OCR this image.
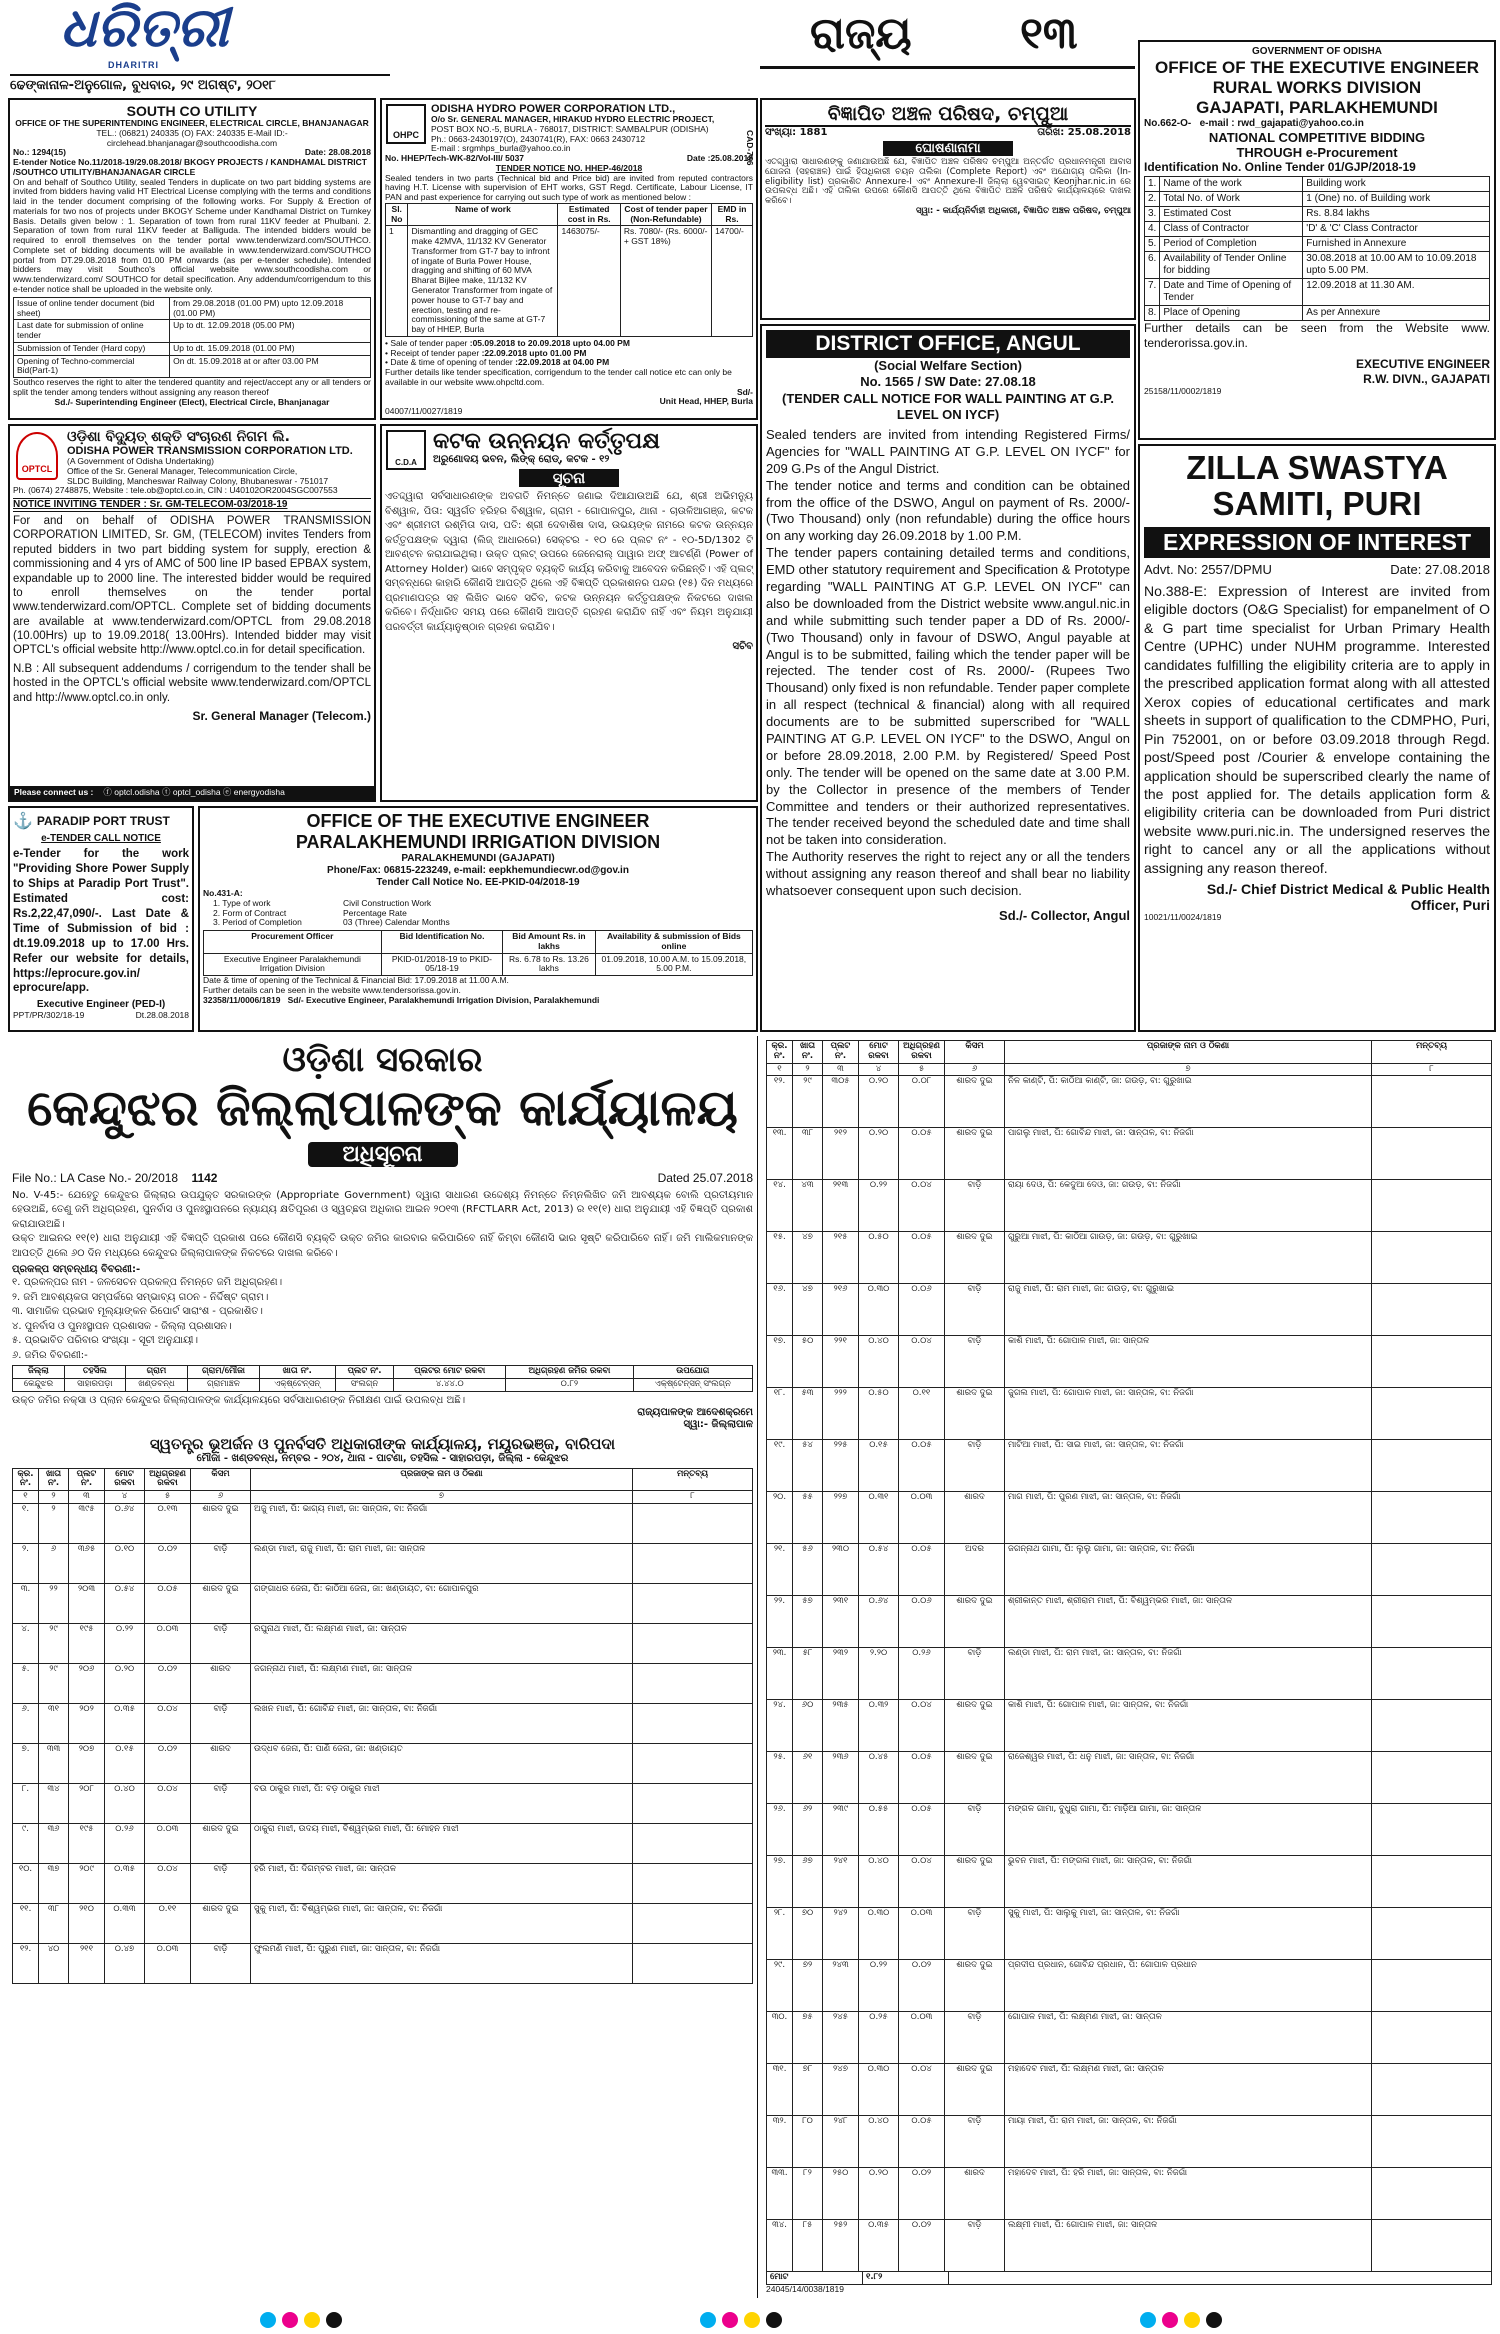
ଧରିତ୍ରୀ
DHARITRI
ଢେଙ୍କାନାଳ-ଅନୁଗୋଳ, ବୁଧବାର, ୨୯ ଅଗଷ୍ଟ, ୨୦୧୮
ରାଜ୍ୟ ୧୩
SOUTH CO UTILITY
OFFICE OF THE SUPERINTENDING ENGINEER, ELECTRICAL CIRCLE, BHANJANAGAR
TEL.: (06821) 240335 (O) FAX: 240335 E-Mail ID:- circlehead.bhanjanagar@southcoodisha.com
No.: 1294(15)	Date: 28.08.2018
E-tender Notice No.11/2018-19/29.08.2018/ BKOGY PROJECTS / KANDHAMAL DISTRICT /SOUTHCO UTILITY/BHANJANAGAR CIRCLE
On and behalf of Southco Utility, sealed Tenders in duplicate on two part bidding systems are invited from bidders having valid HT Electrical License complying with the terms and conditions laid in the tender document comprising of the following works. For Supply & Erection of materials for two nos of projects under BKOGY Scheme under Kandhamal District on Turnkey Basis. Details given below : 1. Separation of town from rural 11KV feeder at Phulbani. 2. Separation of town from rural 11KV feeder at Balliguda. The intended bidders would be required to enroll themselves on the tender portal www.tenderwizard.com/SOUTHCO. Complete set of bidding documents will be available in www.tenderwizard.com/SOUTHCO portal from DT.29.08.2018 from 01.00 PM onwards (as per e-tender schedule). Intended bidders may visit Southco's official website www.southcoodisha.com or www.tenderwizard.com/ SOUTHCO for detail specification. Any addendum/corrigendum to this e-tender notice shall be uploaded in the website only.
Issue of online tender document (bid sheet)	from 29.08.2018 (01.00 PM) upto 12.09.2018 (01.00 PM)
Last date for submission of online tender	Up to dt. 12.09.2018 (05.00 PM)
Submission of Tender (Hard copy)	Up to dt. 15.09.2018 (01.00 PM)
Opening of Techno-commercial Bid(Part-1)	On dt. 15.09.2018 at or after 03.00 PM
Southco reserves the right to alter the tendered quantity and reject/accept any or all tenders or split the tender among tenders without assigning any reason thereof
Sd./- Superintending Engineer (Elect), Electrical Circle, Bhanjanagar
OHPC
ODISHA HYDRO POWER CORPORATION LTD.,
O/o Sr. GENERAL MANAGER, HIRAKUD HYDRO ELECTRIC PROJECT,
POST BOX NO.-5, BURLA - 768017, DISTRICT: SAMBALPUR (ODISHA)
Ph.: 0663-2430197(O), 2430741(R), FAX: 0663 2430712
E-mail : srgmhps_burla@yahoo.co.in	CAD-766
No. HHEP/Tech-WK-82/Vol-III/ 5037	Date :25.08.2018
TENDER NOTICE NO. HHEP-46/2018
Sealed tenders in two parts (Technical bid and Price bid) are invited from reputed contractors having H.T. License with supervision of EHT works, GST Regd. Certificate, Labour License, IT PAN and past experience for carrying out such type of work as mentioned below :
Sl. No	Name of work	Estimated cost in Rs.	Cost of tender paper (Non-Refundable)	EMD in Rs.
1	Dismantling and dragging of GEC make 42MVA, 11/132 KV Generator Transformer from GT-7 bay to infront of ingate of Burla Power House, dragging and shifting of 60 MVA Bharat Bijlee make, 11/132 KV Generator Transformer from ingate of power house to GT-7 bay and erection, testing and re-commissioning of the same at GT-7 bay of HHEP, Burla	1463075/-	Rs. 7080/- (Rs. 6000/- + GST 18%)	14700/-
• Sale of tender paper :05.09.2018 to 20.09.2018 upto 04.00 PM
• Receipt of tender paper :22.09.2018 upto 01.00 PM
• Date & time of opening of tender :22.09.2018 at 04.00 PM
Further details like tender specification, corrigendum to the tender call notice etc can only be available in our website www.ohpcltd.com.
Sd/-
Unit Head, HHEP, Burla
04007/11/0027/1819
ବିଜ୍ଞାପିତ ଅଞ୍ଚଳ ପରିଷଦ, ଚମ୍ପୁଆ
ସଂଖ୍ୟା: 1881	ତାରିଖ: 25.08.2018
ଘୋଷଣାନାମା
ଏତଦ୍ଦ୍ୱାରା ସାଧାରଣଙ୍କୁ ଜଣାଯାଉଅଛି ଯେ, ବିଜ୍ଞାପିତ ଅଞ୍ଚଳ ପରିଷଦ ଚମ୍ପୁଆ ଅନ୍ତର୍ଗତ ପ୍ରଧାନମନ୍ତ୍ରୀ ଆବାସ ଯୋଜନା (ସହରାଞ୍ଚଳ) ପାଇଁ ହିତାଧିକାରୀ ଚୟନ ତାଲିକା (Complete Report) ଏବଂ ଅଯୋଗ୍ୟ ତାଲିକା (In-eligibility list) ପ୍ରକାଶିତ Annexure-I ଏବଂ Annexure-II ଜିଲ୍ଲା ୱେବସାଇଟ୍ Keonjhar.nic.in ରେ ଉପଲବ୍ଧ ଅଛି। ଏହି ତାଲିକା ଉପରେ କୌଣସି ଆପତ୍ତି ଥିଲେ ବିଜ୍ଞାପିତ ଅଞ୍ଚଳ ପରିଷଦ କାର୍ଯ୍ୟାଳୟରେ ଦାଖଲ କରିବେ।
ସ୍ୱା: - କାର୍ଯ୍ୟନିର୍ବାହୀ ଅଧିକାରୀ, ବିଜ୍ଞାପିତ ଅଞ୍ଚଳ ପରିଷଦ, ଚମ୍ପୁଆ
GOVERNMENT OF ODISHA
OFFICE OF THE EXECUTIVE ENGINEER
RURAL WORKS DIVISION
GAJAPATI, PARLAKHEMUNDI
No.662-O- e-mail : rwd_gajapati@yahoo.co.in
NATIONAL COMPETITIVE BIDDING
THROUGH e-Procurement
Identification No. Online Tender 01/GJP/2018-19
1.	Name of the work	Building work
2.	Total No. of Work	1 (One) no. of Building work
3.	Estimated Cost	Rs. 8.84 lakhs
4.	Class of Contractor	'D' & 'C' Class Contractor
5.	Period of Completion	Furnished in Annexure
6.	Availability of Tender Online for bidding	30.08.2018 at 10.00 AM to 10.09.2018 upto 5.00 PM.
7.	Date and Time of Opening of Tender	12.09.2018 at 11.30 AM.
8.	Place of Opening	As per Annexure
Further details can be seen from the Website www. tenderorissa.gov.in.
EXECUTIVE ENGINEER
R.W. DIVN., GAJAPATI
25158/11/0002/1819
OPTCL
ଓଡ଼ିଶା ବିଦ୍ୟୁତ୍ ଶକ୍ତି ସଂଚାରଣ ନିଗମ ଲି.
ODISHA POWER TRANSMISSION CORPORATION LTD.
(A Government of Odisha Undertaking)
Office of the Sr. General Manager, Telecommunication Circle,
SLDC Building, Mancheswar Railway Colony, Bhubaneswar - 751017
Ph. (0674) 2748875, Website : tele.ob@optcl.co.in, CIN : U40102OR2004SGC007553
NOTICE INVITING TENDER : Sr. GM-TELECOM-03/2018-19
For and on behalf of ODISHA POWER TRANSMISSION CORPORATION LIMITED, Sr. GM, (TELECOM) invites Tenders from reputed bidders in two part bidding system for supply, erection & commissioning and 4 yrs of AMC of 500 line IP based EPBAX system, expandable up to 2000 line. The interested bidder would be required to enroll themselves on the tender portal www.tenderwizard.com/OPTCL. Complete set of bidding documents are available at www.tenderwizard.com/OPTCL from 29.08.2018 (10.00Hrs) up to 19.09.2018( 13.00Hrs). Intended bidder may visit OPTCL's official website http://www.optcl.co.in for detail specification.
N.B : All subsequent addendums / corrigendum to the tender shall be hosted in the OPTCL's official website www.tenderwizard.com/OPTCL and http://www.optcl.co.in only.
Sr. General Manager (Telecom.)
Please connect us : ⓕ optcl.odisha ⓣ optcl_odisha ⓔ energyodisha
C.D.A
କଟକ ଉନ୍ନୟନ କର୍ତ୍ତୃପକ୍ଷ
ଅରୁଣୋଦୟ ଭବନ, ଲିଙ୍କ୍ ରୋଡ୍, କଟକ - ୧୨
ସୂଚନା
ଏତଦ୍ଦ୍ୱାରା ସର୍ବସାଧାରଣଙ୍କ ଅବଗତି ନିମନ୍ତେ ଜଣାଇ ଦିଆଯାଉଅଛି ଯେ, ଶ୍ରୀ ଅଭିମନ୍ୟୁ ବିଶ୍ୱାଳ, ପିତା: ସ୍ୱର୍ଗତ ହରିହର ବିଶ୍ୱାଳ, ଗ୍ରାମ - ଗୋପାଳପୁର, ଥାନା - ଚାଉଳିଆଗଞ୍ଜ, କଟକ ଏବଂ ଶ୍ରୀମତୀ ରଶ୍ମିତା ଦାସ, ପତି: ଶ୍ରୀ ଦେବାଶିଷ ଦାସ, ଉଭୟଙ୍କ ନାମରେ କଟକ ଉନ୍ନୟନ କର୍ତ୍ତୃପକ୍ଷଙ୍କ ଦ୍ୱାରା (ଲିଜ୍ ଆଧାରରେ) ସେକ୍ଟର - ୧୦ ରେ ପ୍ଲଟ ନଂ - ୧୦-5D/1302 ଟି ଆବଣ୍ଟନ କରାଯାଇଥିଲା। ଉକ୍ତ ପ୍ଲଟ୍ ଉପରେ ଜେନେରାଲ୍ ପାୱାର ଅଫ୍ ଆଟର୍ଣ୍ଣି (Power of Attorney Holder) ଭାବେ ସମ୍ପୃକ୍ତ ବ୍ୟକ୍ତି କାର୍ଯ୍ୟ କରିବାକୁ ଆବେଦନ କରିଛନ୍ତି। ଏହି ପ୍ଲଟ୍ ସମ୍ବନ୍ଧରେ କାହାରି କୌଣସି ଆପତ୍ତି ଥିଲେ ଏହି ବିଜ୍ଞପ୍ତି ପ୍ରକାଶନର ପନ୍ଦର (୧୫) ଦିନ ମଧ୍ୟରେ ପ୍ରମାଣପତ୍ର ସହ ଲିଖିତ ଭାବେ ସଚିବ, କଟକ ଉନ୍ନୟନ କର୍ତ୍ତୃପକ୍ଷଙ୍କ ନିକଟରେ ଦାଖଲ କରିବେ। ନିର୍ଦ୍ଧାରିତ ସମୟ ପରେ କୌଣସି ଆପତ୍ତି ଗ୍ରହଣ କରାଯିବ ନାହିଁ ଏବଂ ନିୟମ ଅନୁଯାୟୀ ପରବର୍ତ୍ତୀ କାର୍ଯ୍ୟାନୁଷ୍ଠାନ ଗ୍ରହଣ କରାଯିବ।
ସଚିବ
DISTRICT OFFICE, ANGUL
(Social Welfare Section)
No. 1565 / SW Date: 27.08.18
(TENDER CALL NOTICE FOR WALL PAINTING AT G.P. LEVEL ON IYCF)
Sealed tenders are invited from intending Registered Firms/ Agencies for "WALL PAINTING AT G.P. LEVEL ON IYCF" for 209 G.Ps of the Angul District.
The tender notice and terms and condition can be obtained from the office of the DSWO, Angul on payment of Rs. 2000/- (Two Thousand) only (non refundable) during the office hours on any working day 26.09.2018 by 1.00 P.M.
The tender papers containing detailed terms and conditions, EMD other statutory requirement and Specification & Prototype regarding "WALL PAINTING AT G.P. LEVEL ON IYCF" can also be downloaded from the District website www.angul.nic.in and while submitting such tender paper a DD of Rs. 2000/- (Two Thousand) only in favour of DSWO, Angul payable at Angul is to be submitted, failing which the tender paper will be rejected. The tender cost of Rs. 2000/- (Rupees Two Thousand) only fixed is non refundable. Tender paper complete in all respect (technical & financial) along with all required documents are to be submitted superscribed for "WALL PAINTING AT G.P. LEVEL ON IYCF" to the DSWO, Angul on or before 28.09.2018, 2.00 P.M. by Registered/ Speed Post only. The tender will be opened on the same date at 3.00 P.M. by the Collector in presence of the members of Tender Committee and tenders or their authorized representatives. The tender received beyond the scheduled date and time shall not be taken into consideration.
The Authority reserves the right to reject any or all the tenders without assigning any reason thereof and shall bear no liability whatsoever consequent upon such decision.
Sd./- Collector, Angul
ZILLA SWASTYA
SAMITI, PURI
EXPRESSION OF INTEREST
Advt. No: 2557/DPMU	Date: 27.08.2018
No.388-E: Expression of Interest are invited from eligible doctors (O&G Specialist) for empanelment of O & G part time specialist for Urban Primary Health Centre (UPHC) under NUHM programme. Interested candidates fulfilling the eligibility criteria are to apply in the prescribed application format along with all attested Xerox copies of educational certificates and mark sheets in support of qualification to the CDMPHO, Puri, Pin 752001, on or before 03.09.2018 through Regd. post/Speed post /Courier & envelope containing the application should be superscribed clearly the name of the post applied for. The details application form & eligibility criteria can be downloaded from Puri district website www.puri.nic.in. The undersigned reserves the right to cancel any or all the applications without assigning any reason thereof.
Sd./- Chief District Medical & Public Health
Officer, Puri
10021/11/0024/1819
⚓ PARADIP PORT TRUST
e-TENDER CALL NOTICE
e-Tender for the work "Providing Shore Power Supply to Ships at Paradip Port Trust". Estimated cost: Rs.2,22,47,090/-. Last Date & Time of Submission of bid : dt.19.09.2018 up to 17.00 Hrs. Refer our website for details, https://eprocure.gov.in/ eprocure/app.
Executive Engineer (PED-I)
PPT/PR/302/18-19	Dt.28.08.2018
OFFICE OF THE EXECUTIVE ENGINEER
PARALAKHEMUNDI IRRIGATION DIVISION
PARALAKHEMUNDI (GAJAPATI)
Phone/Fax: 06815-223249, e-mail: eepkhemundiecwr.od@gov.in
Tender Call Notice No. EE-PKID-04/2018-19
No.431-A:
1. Type of work	Civil Construction Work
2. Form of Contract	Percentage Rate
3. Period of Completion	03 (Three) Calendar Months
Procurement Officer	Bid Identification No.	Bid Amount Rs. in lakhs	Availability & submission of Bids online
Executive Engineer Paralakhemundi Irrigation Division	PKID-01/2018-19 to PKID-05/18-19	Rs. 6.78 to Rs. 13.26 lakhs	01.09.2018, 10.00 A.M. to 15.09.2018, 5.00 P.M.
Date & time of opening of the Technical & Financial Bid: 17.09.2018 at 11.00 A.M.
Further details can be seen in the website www.tendersorissa.gov.in.
32358/11/0006/1819 Sd/- Executive Engineer, Paralakhemundi Irrigation Division, Paralakhemundi
ଓଡ଼ିଶା ସରକାର
କେନ୍ଦୁଝର ଜିଲ୍ଲାପାଳଙ୍କ କାର୍ଯ୍ୟାଳୟ
ଅଧିସୂଚନା
File No.: LA Case No.- 20/2018 1142	Dated 25.07.2018
No. V-45:- ଯେହେତୁ କେନ୍ଦୁଝର ଜିଲ୍ଲାର ଉପଯୁକ୍ତ ସରକାରଙ୍କ (Appropriate Government) ଦ୍ୱାରା ସାଧାରଣ ଉଦ୍ଦେଶ୍ୟ ନିମନ୍ତେ ନିମ୍ନଲିଖିତ ଜମି ଆବଶ୍ୟକ ବୋଲି ପ୍ରତୀୟମାନ ହେଉଅଛି, ତେଣୁ ଜମି ଅଧିଗ୍ରହଣ, ପୁନର୍ବାସ ଓ ପୁନଃସ୍ଥାପନରେ ନ୍ୟାଯ୍ୟ କ୍ଷତିପୂରଣ ଓ ସ୍ୱଚ୍ଛତା ଅଧିକାର ଆଇନ ୨୦୧୩ (RFCTLARR Act, 2013) ର ୧୧(୧) ଧାରା ଅନୁଯାୟୀ ଏହି ବିଜ୍ଞପ୍ତି ପ୍ରକାଶ କରାଯାଉଅଛି।
ଉକ୍ତ ଆଇନର ୧୧(୧) ଧାରା ଅନୁଯାୟୀ ଏହି ବିଜ୍ଞପ୍ତି ପ୍ରକାଶ ପରେ କୌଣସି ବ୍ୟକ୍ତି ଉକ୍ତ ଜମିର କାରବାର କରିପାରିବେ ନାହିଁ କିମ୍ବା କୌଣସି ଭାର ସୃଷ୍ଟି କରିପାରିବେ ନାହିଁ। ଜମି ମାଲିକମାନଙ୍କ ଆପତ୍ତି ଥିଲେ ୬୦ ଦିନ ମଧ୍ୟରେ କେନ୍ଦୁଝର ଜିଲ୍ଲାପାଳଙ୍କ ନିକଟରେ ଦାଖଲ କରିବେ।
ପ୍ରକଳ୍ପ ସମ୍ବନ୍ଧୀୟ ବିବରଣୀ:-
୧. ପ୍ରକଳ୍ପର ନାମ - ଜଳସେଚନ ପ୍ରକଳ୍ପ ନିମନ୍ତେ ଜମି ଅଧିଗ୍ରହଣ।
୨. ଜମି ଆବଶ୍ୟକତା ସମ୍ପର୍କରେ ସମ୍ଭାବ୍ୟ ଗଠନ - ନିର୍ଦ୍ଦିଷ୍ଟ ଗ୍ରାମ।
୩. ସାମାଜିକ ପ୍ରଭାବ ମୂଲ୍ୟାଙ୍କନ ରିପୋର୍ଟ ସାରାଂଶ - ପ୍ରକାଶିତ।
୪. ପୁନର୍ବାସ ଓ ପୁନଃସ୍ଥାପନ ପ୍ରଶାସକ - ଜିଲ୍ଲା ପ୍ରଶାସନ।
୫. ପ୍ରଭାବିତ ପରିବାର ସଂଖ୍ୟା - ସୂଚୀ ଅନୁଯାୟୀ।
୬. ଜମିର ବିବରଣୀ:-
ଜିଲ୍ଲା	ତହସିଲ	ଗ୍ରାମ	ଗ୍ରାମ/ମୌଜା	ଖାତା ନଂ.	ପ୍ଲଟ ନଂ.	ପ୍ଲଟର ମୋଟ ରକବା	ଅଧିଗ୍ରହଣ ଜମିର ରକବା	ଉପଯୋଗ
କେନ୍ଦୁଝର	ସାହାରପଡ଼ା	ଖଣ୍ଡବନ୍ଧ	ଗ୍ରାମାଞ୍ଚଳ	ଏକ୍‌ଷ୍ଟେନ୍ସନ୍	ସଂଲଗ୍ନ	୪.୪୪.୦	୦.୮୨	ଏକ୍‌ଷ୍ଟେନ୍ସନ୍ ସଂଲଗ୍ନ
ଉକ୍ତ ଜମିର ନକ୍ସା ଓ ପ୍ଲାନ କେନ୍ଦୁଝର ଜିଲ୍ଲାପାଳଙ୍କ କାର୍ଯ୍ୟାଳୟରେ ସର୍ବସାଧାରଣଙ୍କ ନିରୀକ୍ଷଣ ପାଇଁ ଉପଲବ୍ଧ ଅଛି।
ରାଜ୍ୟପାଳଙ୍କ ଆଦେଶକ୍ରମେ
ସ୍ୱା:- ଜିଲ୍ଲାପାଳ
ସ୍ୱତନ୍ତ୍ର ଭୂଅର୍ଜନ ଓ ପୁନର୍ବସତି ଅଧିକାରୀଙ୍କ କାର୍ଯ୍ୟାଳୟ, ମୟୂରଭଞ୍ଜ, ବାରିପଦା
ମୌଜା - ଖଣ୍ଡବନ୍ଧ, ନମ୍ବର - ୨୦୪, ଥାନା - ପାଟଣା, ତହସିଲ - ସାହାରପଡ଼ା, ଜିଲ୍ଲା - କେନ୍ଦୁଝର
କ୍ର. ନଂ.	ଖାତା ନଂ.	ପ୍ଲଟ ନଂ.	ମୋଟ ରକବା	ଅଧିଗ୍ରହଣ ରକବା	କିସମ	ପ୍ରଜାଙ୍କ ନାମ ଓ ଠିକଣା	ମନ୍ତବ୍ୟ
୧	୨	୩	୪	୫	୬	୭	୮
୧.	୨	୩୯୫	୦.୬୪	୦.୧୩	ଶାରଦ ଦୁଇ	ଅଜୁ ମାଝୀ, ପି: ଭାଗ୍ୟ ମାଝୀ, ଜା: ସାନ୍ତାଳ, ବା: ନିଜଗାଁ	
୨.	୬	୩୬୫	୦.୧୦	୦.୦୨	ବାଡ଼ି	ଲଣ୍ଡା ମାଝୀ, ରାଜୁ ମାଝୀ, ପି: ରାମ ମାଝୀ, ଜା: ସାନ୍ତାଳ	
୩.	୨୨	୨୦୩	୦.୫୪	୦.୦୫	ଶାରଦ ଦୁଇ	ଗଙ୍ଗାଧର ଜେନା, ପି: କାଠିଆ ଜେନା, ଜା: ଖଣ୍ଡାୟତ, ବା: ଗୋପାଳପୁର	
୪.	୨୯	୧୯୫	୦.୨୨	୦.୦୩	ବାଡ଼ି	ରଘୁନାଥ ମାଝୀ, ପି: ଲକ୍ଷ୍ମଣ ମାଝୀ, ଜା: ସାନ୍ତାଳ	
୫.	୨୯	୨୦୬	୦.୨୦	୦.୦୨	ଶାରଦ	ଜଗନ୍ନାଥ ମାଝୀ, ପି: ଲକ୍ଷ୍ମଣ ମାଝୀ, ଜା: ସାନ୍ତାଳ	
୬.	୩୧	୨୦୨	୦.୩୫	୦.୦୪	ବାଡ଼ି	ଲଖନ ମାଝୀ, ପି: ଗୋବିନ୍ଦ ମାଝୀ, ଜା: ସାନ୍ତାଳ, ବା: ନିଜଗାଁ	
୭.	୩୩	୨୦୭	୦.୧୫	୦.୦୨	ଶାରଦ	ଉଦ୍ଧବ ଜେନା, ପି: ପାଣି ଜେନା, ଜା: ଖଣ୍ଡାୟତ	
୮.	୩୪	୨୦୮	୦.୪୦	୦.୦୪	ବାଡ଼ି	ବଉ ଠାକୁର ମାଝୀ, ପି: ବଡ଼ ଠାକୁର ମାଝୀ	
୯.	୩୬	୧୯୫	୦.୨୬	୦.୦୩	ଶାରଦ ଦୁଇ	ଠାକୁରା ମାଝୀ, ଉଦୟ ମାଝୀ, ବିଶ୍ୱମ୍ଭର ମାଝୀ, ପି: ମୋହନ ମାଝୀ	
୧୦.	୩୭	୨୦୯	୦.୩୫	୦.୦୪	ବାଡ଼ି	ହରି ମାଝୀ, ପି: ଦିଗମ୍ବର ମାଝୀ, ଜା: ସାନ୍ତାଳ	
୧୧.	୩୮	୨୧୦	୦.୩୩	୦.୧୧	ଶାରଦ ଦୁଇ	ସୁକୁ ମାଝୀ, ପି: ବିଶ୍ୱମ୍ଭର ମାଝୀ, ଜା: ସାନ୍ତାଳ, ବା: ନିଜଗାଁ	
୧୨.	୪୦	୨୧୧	୦.୪୭	୦.୦୩	ବାଡ଼ି	ଫୁଲମଣି ମାଝୀ, ପି: ପୁରୁଣ ମାଝୀ, ଜା: ସାନ୍ତାଳ, ବା: ନିଜଗାଁ	
କ୍ର. ନଂ.	ଖାତା ନଂ.	ପ୍ଲଟ ନଂ.	ମୋଟ ରକବା	ଅଧିଗ୍ରହଣ ରକବା	କିସମ	ପ୍ରଜାଙ୍କ ନାମ ଓ ଠିକଣା	ମନ୍ତବ୍ୟ
୧	୨	୩	୪	୫	୬	୭	୮
୧୨.	୨୯	୩୦୫	୦.୨୦	୦.୦୮	ଶାରଦ ଦୁଇ	ନିଳ କାଣ୍ଟି, ପି: କାଠିଆ କାଣ୍ଟି, ଜା: ଗଉଡ଼, ବା: ଗୁରୁଖାଇ	
୧୩.	୩୮	୨୧୨	୦.୨୦	୦.୦୫	ଶାରଦ ଦୁଇ	ପାଗଲୁ ମାଝୀ, ପି: ଗୋବିନ୍ଦ ମାଝୀ, ଜା: ସାନ୍ତାଳ, ବା: ନିଜଗାଁ	
୧୪.	୪୩	୨୧୩	୦.୨୨	୦.୦୪	ବାଡ଼ି	ରାୟା ଦେଓ, ପି: କେଦୁଆ ଦେଓ, ଜା: ଗଉଡ଼, ବା: ନିଜଗାଁ	
୧୫.	୪୭	୨୧୫	୦.୫୦	୦.୦୫	ଶାରଦ ଦୁଇ	ଗୁରୁଆ ମାଝୀ, ପି: କାଠିଆ ଗାଉଡ଼, ଜା: ଗଉଡ଼, ବା: ଗୁରୁଖାଇ	
୧୬.	୪୭	୨୧୬	୦.୩୦	୦.୦୬	ବାଡ଼ି	ରାଜୁ ମାଝୀ, ପି: ରାମ ମାଝୀ, ଜା: ଗଉଡ଼, ବା: ଗୁରୁଖାଇ	
୧୭.	୫୦	୨୨୧	୦.୪୦	୦.୦୪	ବାଡ଼ି	କାଶି ମାଝୀ, ପି: ଗୋପାଳ ମାଝୀ, ଜା: ସାନ୍ତାଳ	
୧୮.	୫୩	୨୨୨	୦.୫୦	୦.୧୧	ଶାରଦ ଦୁଇ	ଜୁଗଲ ମାଝୀ, ପି: ଗୋପାଳ ମାଝୀ, ଜା: ସାନ୍ତାଳ, ବା: ନିଜଗାଁ	
୧୯.	୫୪	୨୨୫	୦.୧୫	୦.୦୫	ବାଡ଼ି	ମାଟିଆ ମାଝୀ, ପି: ସାଇ ମାଝୀ, ଜା: ସାନ୍ତାଳ, ବା: ନିଜଗାଁ	
୨୦.	୫୫	୨୨୭	୦.୩୧	୦.୦୩	ଶାରଦ	ମାଗ ମାଝୀ, ପି: ପୁରଣ ମାଝୀ, ଜା: ସାନ୍ତାଳ, ବା: ନିଜଗାଁ	
୨୧.	୫୬	୨୩୦	୦.୫୪	୦.୦୫	ଅଦର	ଜଗନ୍ନାଥ ଗାମା, ପି: ଲୁଲୁ ଗାମା, ଜା: ସାନ୍ତାଳ, ବା: ନିଜଗାଁ	
୨୨.	୫୭	୨୩୧	୦.୬୪	୦.୦୬	ଶାରଦ ଦୁଇ	ଶ୍ରୀକାନ୍ତ ମାଝୀ, ଶ୍ରୀରାମ ମାଝୀ, ପି: ବିଶ୍ୱମ୍ଭର ମାଝୀ, ଜା: ସାନ୍ତାଳ	
୨୩.	୫୮	୨୩୨	୨.୨୦	୦.୨୬	ବାଡ଼ି	ଲଣ୍ଡା ମାଝୀ, ପି: ରାମ ମାଝୀ, ଜା: ସାନ୍ତାଳ, ବା: ନିଜଗାଁ	
୨୪.	୬୦	୨୩୫	୦.୩୨	୦.୦୪	ଶାରଦ ଦୁଇ	କାଶି ମାଝୀ, ପି: ଗୋପାଳ ମାଝୀ, ଜା: ସାନ୍ତାଳ, ବା: ନିଜଗାଁ	
୨୫.	୬୧	୨୩୬	୦.୪୫	୦.୦୫	ଶାରଦ ଦୁଇ	ରାଜେଶ୍ୱର ମାଝୀ, ପି: ଧନୁ ମାଝୀ, ଜା: ସାନ୍ତାଳ, ବା: ନିଜଗାଁ	
୨୬.	୬୨	୨୩୯	୦.୫୫	୦.୦୫	ବାଡ଼ି	ମଙ୍ଗଳ ଗାମା, ବୁଧୁରା ଗାମା, ପି: ମାଡ଼ିଆ ଗାମା, ଜା: ସାନ୍ତାଳ	
୨୭.	୬୭	୨୪୧	୦.୪୦	୦.୦୪	ଶାରଦ ଦୁଇ	ଭୁବନ ମାଝୀ, ପି: ମଙ୍ଗଳା ମାଝୀ, ଜା: ସାନ୍ତାଳ, ବା: ନିଜଗାଁ	
୨୮.	୭୦	୨୪୨	୦.୩୦	୦.୦୩	ବାଡ଼ି	ସୁକୁ ମାଝୀ, ପି: ସାଲୁକୁ ମାଝୀ, ଜା: ସାନ୍ତାଳ, ବା: ନିଜଗାଁ	
୨୯.	୭୨	୨୪୩	୦.୨୨	୦.୦୨	ଶାରଦ ଦୁଇ	ପ୍ରଦୀପ ପ୍ରଧାନ, ଗୋବିନ୍ଦ ପ୍ରଧାନ, ପି: ଗୋପାଳ ପ୍ରଧାନ	
୩୦.	୭୫	୨୪୫	୦.୨୫	୦.୦୩	ବାଡ଼ି	ଗୋପାଳ ମାଝୀ, ପି: ଲକ୍ଷ୍ମଣ ମାଝୀ, ଜା: ସାନ୍ତାଳ	
୩୧.	୭୮	୨୪୭	୦.୩୦	୦.୦୪	ଶାରଦ ଦୁଇ	ମହାଦେବ ମାଝୀ, ପି: ଲକ୍ଷ୍ମଣ ମାଝୀ, ଜା: ସାନ୍ତାଳ	
୩୨.	୮୦	୨୪୮	୦.୪୦	୦.୦୫	ବାଡ଼ି	ମାୟା ମାଝୀ, ପି: ରାମ ମାଝୀ, ଜା: ସାନ୍ତାଳ, ବା: ନିଜଗାଁ	
୩୩.	୮୨	୨୫୦	୦.୨୦	୦.୦୨	ଶାରଦ	ମହାଦେବ ମାଝୀ, ପି: ହରି ମାଝୀ, ଜା: ସାନ୍ତାଳ, ବା: ନିଜଗାଁ	
୩୪.	୮୫	୨୫୨	୦.୩୫	୦.୦୨	ବାଡ଼ି	ଲକ୍ଷ୍ମୀ ମାଝୀ, ପି: ଗୋପାଳ ମାଝୀ, ଜା: ସାନ୍ତାଳ	
ମୋଟ	୧.୮୨	
24045/14/0038/1819
